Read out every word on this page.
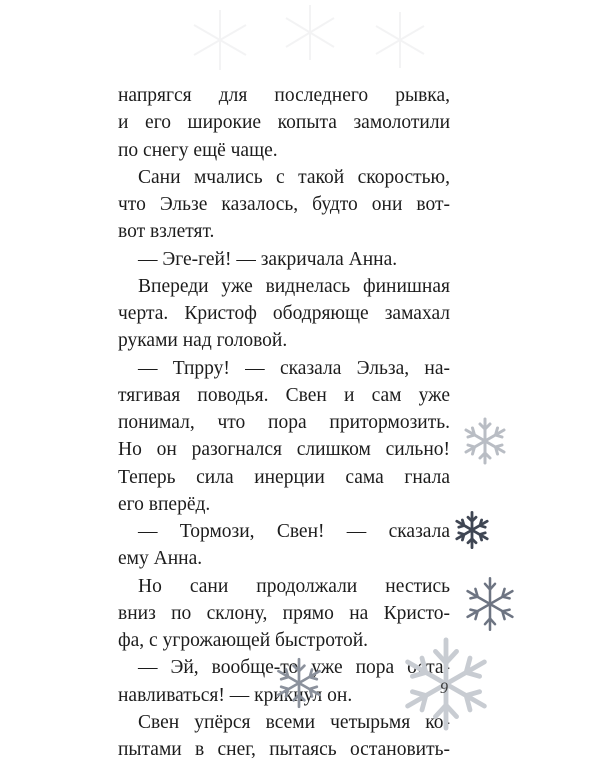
напрягся для последнего рывка,
и его широкие копыта замолотили
по снегу ещё чаще.
Сани мчались с такой скоростью,
что Эльзе казалось, будто они вот-
вот взлетят.
— Эге-гей! — закричала Анна.
Впереди уже виднелась финишная
черта. Кристоф ободряюще замахал
руками над головой.
— Тпрру! — сказала Эльза, на-
тягивая поводья. Свен и сам уже
понимал, что пора притормозить.
Но он разогнался слишком сильно!
Теперь сила инерции сама гнала
его вперёд.
— Тормози, Свен! — сказала
ему Анна.
Но сани продолжали нестись
вниз по склону, прямо на Кристо-
фа, с угрожающей быстротой.
— Эй, вообще-то уже пора оста-
навливаться! — крикнул он.
Свен упёрся всеми четырьмя ко-
пытами в снег, пытаясь остановить-
9
